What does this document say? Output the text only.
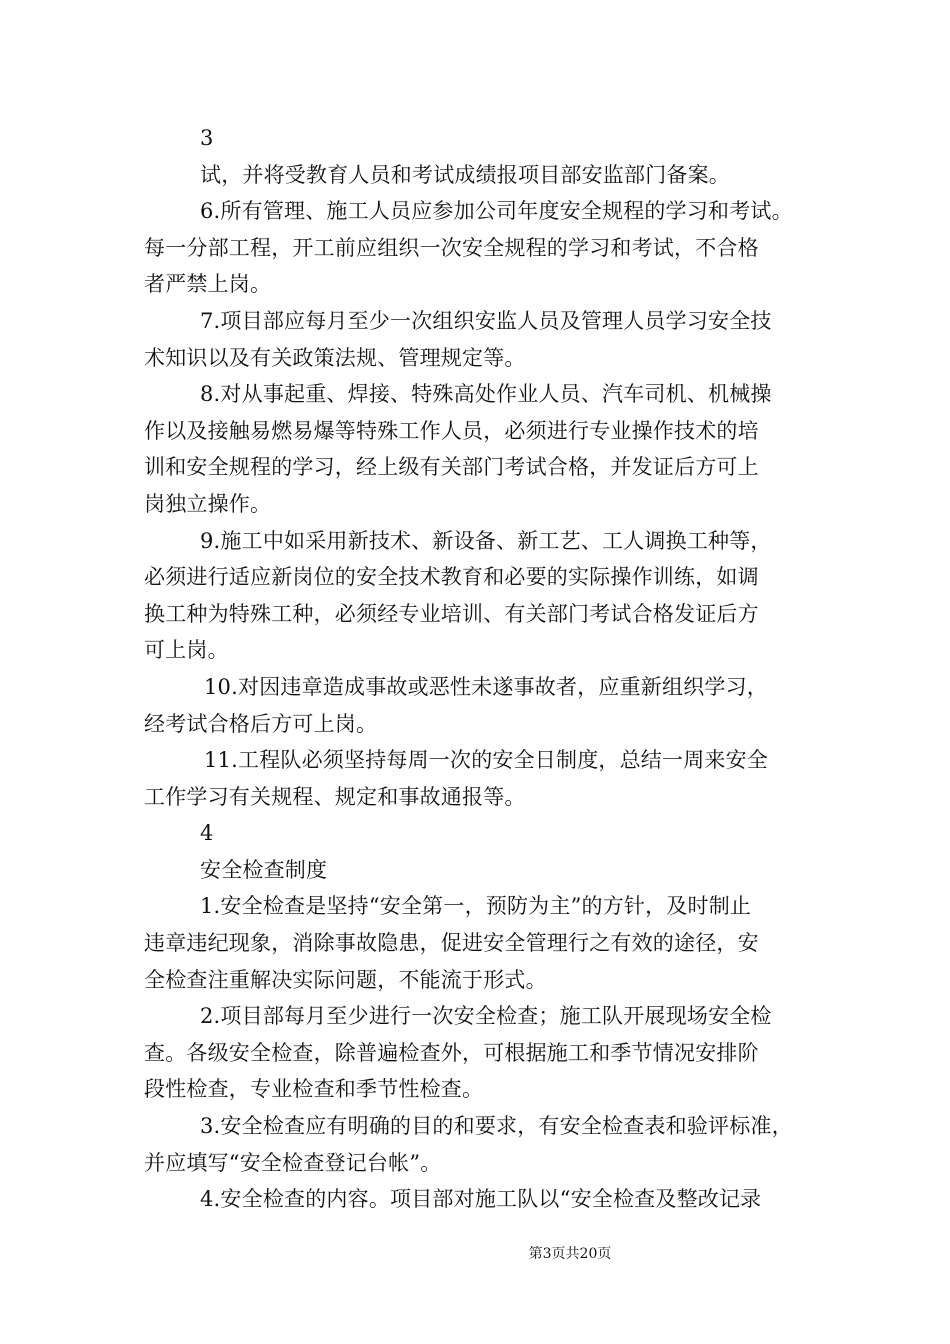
3
试，并将受教育人员和考试成绩报项目部安监部门备案。
6.所有管理、施工人员应参加公司年度安全规程的学习和考试。
每一分部工程，开工前应组织一次安全规程的学习和考试，不合格
者严禁上岗。
7.项目部应每月至少一次组织安监人员及管理人员学习安全技
术知识以及有关政策法规、管理规定等。
8.对从事起重、焊接、特殊高处作业人员、汽车司机、机械操
作以及接触易燃易爆等特殊工作人员，必须进行专业操作技术的培
训和安全规程的学习，经上级有关部门考试合格，并发证后方可上
岗独立操作。
9.施工中如采用新技术、新设备、新工艺、工人调换工种等，
必须进行适应新岗位的安全技术教育和必要的实际操作训练，如调
换工种为特殊工种，必须经专业培训、有关部门考试合格发证后方
可上岗。
10.对因违章造成事故或恶性未遂事故者，应重新组织学习，
经考试合格后方可上岗。
11.工程队必须坚持每周一次的安全日制度，总结一周来安全
工作学习有关规程、规定和事故通报等。
4
安全检查制度
1.安全检查是坚持“安全第一，预防为主”的方针，及时制止
违章违纪现象，消除事故隐患，促进安全管理行之有效的途径，安
全检查注重解决实际问题，不能流于形式。
2.项目部每月至少进行一次安全检查；施工队开展现场安全检
查。各级安全检查，除普遍检查外，可根据施工和季节情况安排阶
段性检查，专业检查和季节性检查。
3.安全检查应有明确的目的和要求，有安全检查表和验评标准，
并应填写“安全检查登记台帐”。
4.安全检查的内容。项目部对施工队以“安全检查及整改记录
第3页共20页
